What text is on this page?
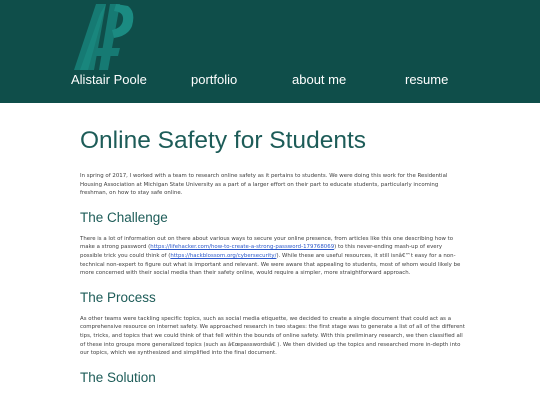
Alistair Poole	portfolio	about me	resume
Online Safety for Students

In spring of 2017, I worked with a team to research online safety as it pertains to students. We were doing this work for the Residential Housing Association at Michigan State University as a part of a larger effort on their part to educate students, particularly incoming freshman, on how to stay safe online.

The Challenge

There is a lot of information out on there about various ways to secure your online presence, from articles like this one describing how to make a strong password (https://lifehacker.com/how-to-create-a-strong-password-179768069) to this never-ending mash-up of every possible trick you could think of (https://hackblossom.org/cybersecurity/). While these are useful resources, it still isnâ€™t easy for a non-technical non-expert to figure out what is important and relevant. We were aware that appealing to students, most of whom would likely be more concerned with their social media than their safety online, would require a simpler, more straightforward approach.

The Process

As other teams were tackling specific topics, such as social media etiquette, we decided to create a single document that could act as a comprehensive resource on internet safety. We approached research in two stages: the first stage was to generate a list of all of the different tips, tricks, and topics that we could think of that fell within the bounds of online safety. With this preliminary research, we then classified all of these into groups more generalized topics (such as â€œpasswordsâ€ ). We then divided up the topics and researched more in-depth into our topics, which we synthesized and simplified into the final document.

The Solution
